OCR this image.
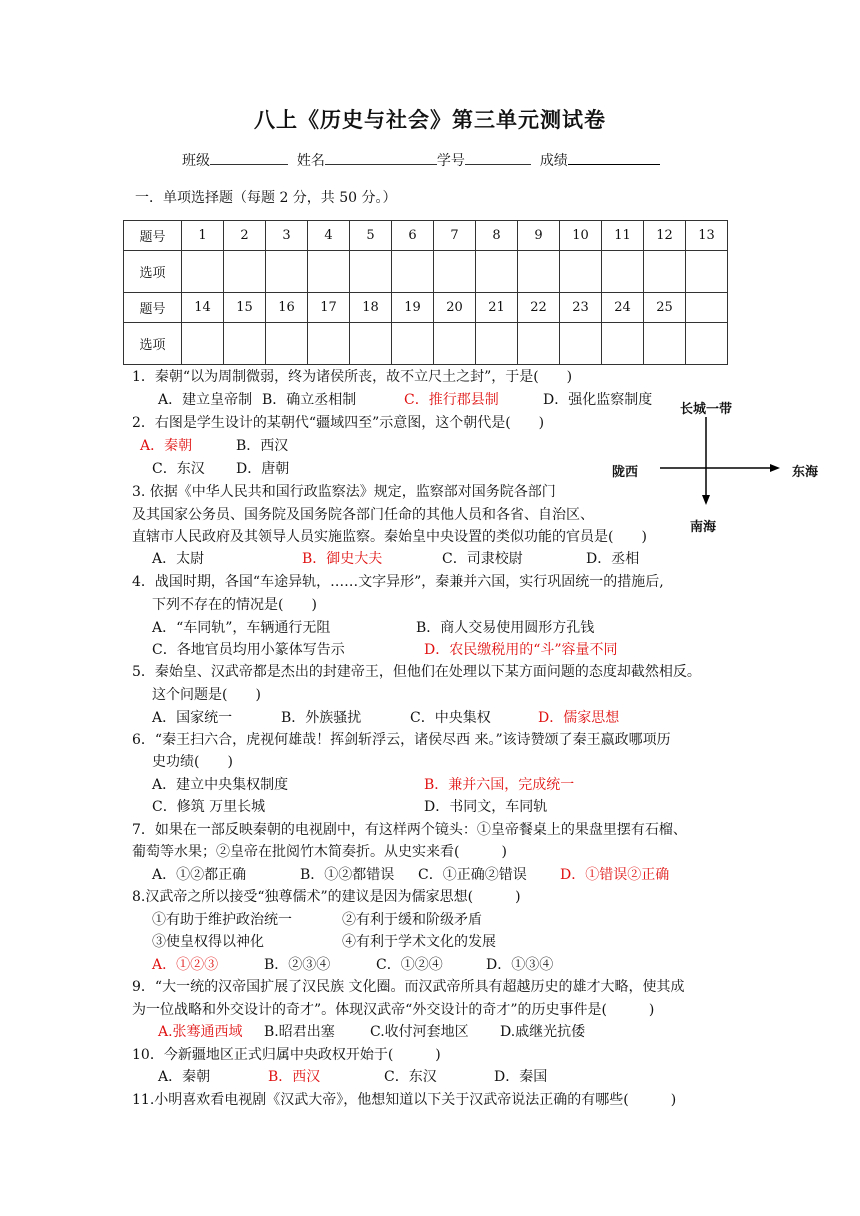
八上《历史与社会》第三单元测试卷
班级	姓名	学号	成绩
一．单项选择题（每题 2 分，共 50 分。）
题号	1	2	3	4	5	6	7	8	9	10	11	12	13
选项													
题号	14	15	16	17	18	19	20	21	22	23	24	25	
选项													
长城一带
陇西	东海
南海
1．秦朝“以为周制微弱，终为诸侯所丧，故不立尺土之封”，于是(　　)
A．建立皇帝制 B．确立丞相制	C．推行郡县制	D．强化监察制度
2．右图是学生设计的某朝代“疆域四至”示意图，这个朝代是(　　)
A．秦朝	B．西汉
C．东汉 D．唐朝
3. 依据《中华人民共和国行政监察法》规定，监察部对国务院各部门
及其国家公务员、国务院及国务院各部门任命的其他人员和各省、自治区、
直辖市人民政府及其领导人员实施监察。秦始皇中央设置的类似功能的官员是(　　)
A．太尉	B．御史大夫	C．司隶校尉	D．丞相
4．战国时期，各国“车途异轨，……文字异形”，秦兼并六国，实行巩固统一的措施后,
下列不存在的情况是(　　)
A．“车同轨”，车辆通行无阻	B．商人交易使用圆形方孔钱
C．各地官员均用小篆体写告示	D．农民缴税用的“斗”容量不同
5．秦始皇、汉武帝都是杰出的封建帝王，但他们在处理以下某方面问题的态度却截然相反。
这个问题是(　　)
A．国家统一	B．外族骚扰	C．中央集权	D．儒家思想
6．“秦王扫六合，虎视何雄哉！挥剑斩浮云，诸侯尽西 来。”该诗赞颂了秦王嬴政哪项历
史功绩(　　)
A．建立中央集权制度	B．兼并六国，完成统一
C．修筑 万里长城	D．书同文，车同轨
7．如果在一部反映秦朝的电视剧中，有这样两个镜头：①皇帝餐桌上的果盘里摆有石榴、
葡萄等水果；②皇帝在批阅竹木简奏折。从史实来看(　　　)
A．①②都正确	B．①②都错误 C．①正确②错误 D．①错误②正确
8.汉武帝之所以接受“独尊儒术”的建议是因为儒家思想(　　　)
①有助于维护政治统一	②有利于缓和阶级矛盾
③使皇权得以神化	④有利于学术文化的发展
A．①②③	B．②③④	C．①②④	D．①③④
9．“大一统的汉帝国扩展了汉民族 文化圈。而汉武帝所具有超越历史的雄才大略，使其成
为一位战略和外交设计的奇才”。体现汉武帝“外交设计的奇才”的历史事件是(　　　)
A.张骞通西域 B.昭君出塞	C.收付河套地区 D.戚继光抗倭
10．今新疆地区正式归属中央政权开始于(　　　)
A．秦朝	B．西汉	C．东汉	D．秦国
11.小明喜欢看电视剧《汉武大帝》，他想知道以下关于汉武帝说法正确的有哪些(　　　)
